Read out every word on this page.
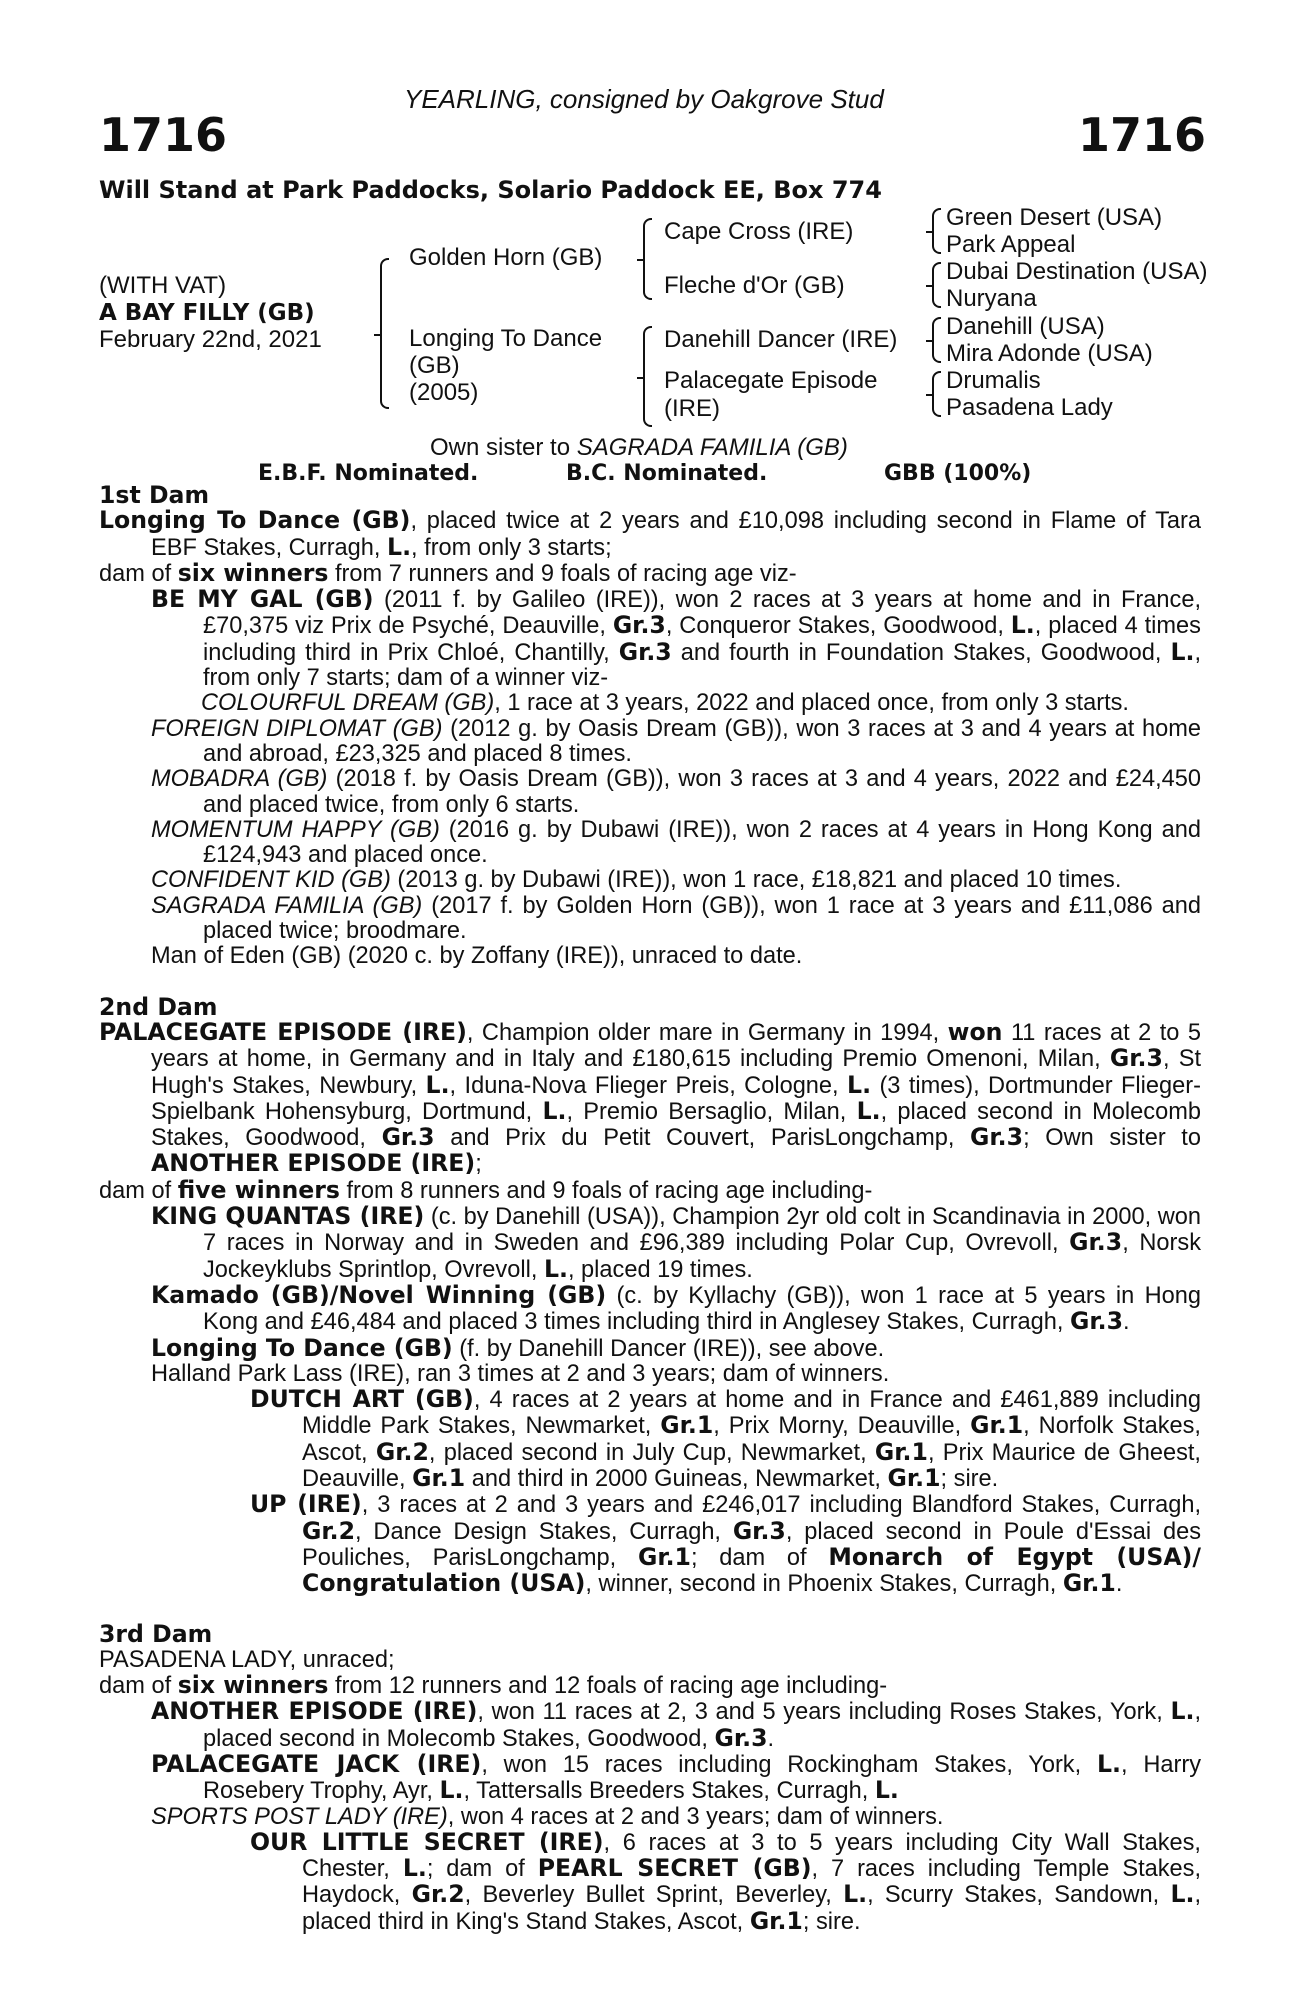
YEARLING, consigned by Oakgrove Stud
1716	1716
Will Stand at Park Paddocks, Solario Paddock EE, Box 774
(WITH VAT)
A BAY FILLY (GB)
February 22nd, 2021
Golden Horn (GB)
Longing To Dance
(GB)
(2005)
Cape Cross (IRE)
Fleche d'Or (GB)
Danehill Dancer (IRE)
Palacegate Episode
(IRE)
Green Desert (USA)
Park Appeal
Dubai Destination (USA)
Nuryana
Danehill (USA)
Mira Adonde (USA)
Drumalis
Pasadena Lady
Own sister to SAGRADA FAMILIA (GB)
E.B.F. Nominated.	B.C. Nominated.	GBB (100%)

1st Dam

Longing To Dance (GB), placed twice at 2 years and £10,098 including second in Flame of Tara EBF Stakes, Curragh, L., from only 3 starts;

dam of six winners from 7 runners and 9 foals of racing age viz-

BE MY GAL (GB) (2011 f. by Galileo (IRE)), won 2 races at 3 years at home and in France, £70,375 viz Prix de Psyché, Deauville, Gr.3, Conqueror Stakes, Goodwood, L., placed 4 times including third in Prix Chloé, Chantilly, Gr.3 and fourth in Foundation Stakes, Goodwood, L., from only 7 starts; dam of a winner viz-

COLOURFUL DREAM (GB), 1 race at 3 years, 2022 and placed once, from only 3 starts.

FOREIGN DIPLOMAT (GB) (2012 g. by Oasis Dream (GB)), won 3 races at 3 and 4 years at home and abroad, £23,325 and placed 8 times.

MOBADRA (GB) (2018 f. by Oasis Dream (GB)), won 3 races at 3 and 4 years, 2022 and £24,450 and placed twice, from only 6 starts.

MOMENTUM HAPPY (GB) (2016 g. by Dubawi (IRE)), won 2 races at 4 years in Hong Kong and £124,943 and placed once.

CONFIDENT KID (GB) (2013 g. by Dubawi (IRE)), won 1 race, £18,821 and placed 10 times.

SAGRADA FAMILIA (GB) (2017 f. by Golden Horn (GB)), won 1 race at 3 years and £11,086 and placed twice; broodmare.

Man of Eden (GB) (2020 c. by Zoffany (IRE)), unraced to date.

2nd Dam

PALACEGATE EPISODE (IRE), Champion older mare in Germany in 1994, won 11 races at 2 to 5 years at home, in Germany and in Italy and £180,615 including Premio Omenoni, Milan, Gr.3, St Hugh's Stakes, Newbury, L., Iduna-Nova Flieger Preis, Cologne, L. (3 times), Dortmunder Flieger-Spielbank Hohensyburg, Dortmund, L., Premio Bersaglio, Milan, L., placed second in Molecomb Stakes, Goodwood, Gr.3 and Prix du Petit Couvert, ParisLongchamp, Gr.3; Own sister to ANOTHER EPISODE (IRE);

dam of five winners from 8 runners and 9 foals of racing age including-

KING QUANTAS (IRE) (c. by Danehill (USA)), Champion 2yr old colt in Scandinavia in 2000, won 7 races in Norway and in Sweden and £96,389 including Polar Cup, Ovrevoll, Gr.3, Norsk Jockeyklubs Sprintlop, Ovrevoll, L., placed 19 times.

Kamado (GB)/Novel Winning (GB) (c. by Kyllachy (GB)), won 1 race at 5 years in Hong Kong and £46,484 and placed 3 times including third in Anglesey Stakes, Curragh, Gr.3.

Longing To Dance (GB) (f. by Danehill Dancer (IRE)), see above.

Halland Park Lass (IRE), ran 3 times at 2 and 3 years; dam of winners.

DUTCH ART (GB), 4 races at 2 years at home and in France and £461,889 including Middle Park Stakes, Newmarket, Gr.1, Prix Morny, Deauville, Gr.1, Norfolk Stakes, Ascot, Gr.2, placed second in July Cup, Newmarket, Gr.1, Prix Maurice de Gheest, Deauville, Gr.1 and third in 2000 Guineas, Newmarket, Gr.1; sire.

UP (IRE), 3 races at 2 and 3 years and £246,017 including Blandford Stakes, Curragh, Gr.2, Dance Design Stakes, Curragh, Gr.3, placed second in Poule d'Essai des Pouliches, ParisLongchamp, Gr.1; dam of Monarch of Egypt (USA)/ Congratulation (USA), winner, second in Phoenix Stakes, Curragh, Gr.1.

3rd Dam

PASADENA LADY, unraced;

dam of six winners from 12 runners and 12 foals of racing age including-

ANOTHER EPISODE (IRE), won 11 races at 2, 3 and 5 years including Roses Stakes, York, L., placed second in Molecomb Stakes, Goodwood, Gr.3.

PALACEGATE JACK (IRE), won 15 races including Rockingham Stakes, York, L., Harry Rosebery Trophy, Ayr, L., Tattersalls Breeders Stakes, Curragh, L.

SPORTS POST LADY (IRE), won 4 races at 2 and 3 years; dam of winners.

OUR LITTLE SECRET (IRE), 6 races at 3 to 5 years including City Wall Stakes, Chester, L.; dam of PEARL SECRET (GB), 7 races including Temple Stakes, Haydock, Gr.2, Beverley Bullet Sprint, Beverley, L., Scurry Stakes, Sandown, L., placed third in King's Stand Stakes, Ascot, Gr.1; sire.
